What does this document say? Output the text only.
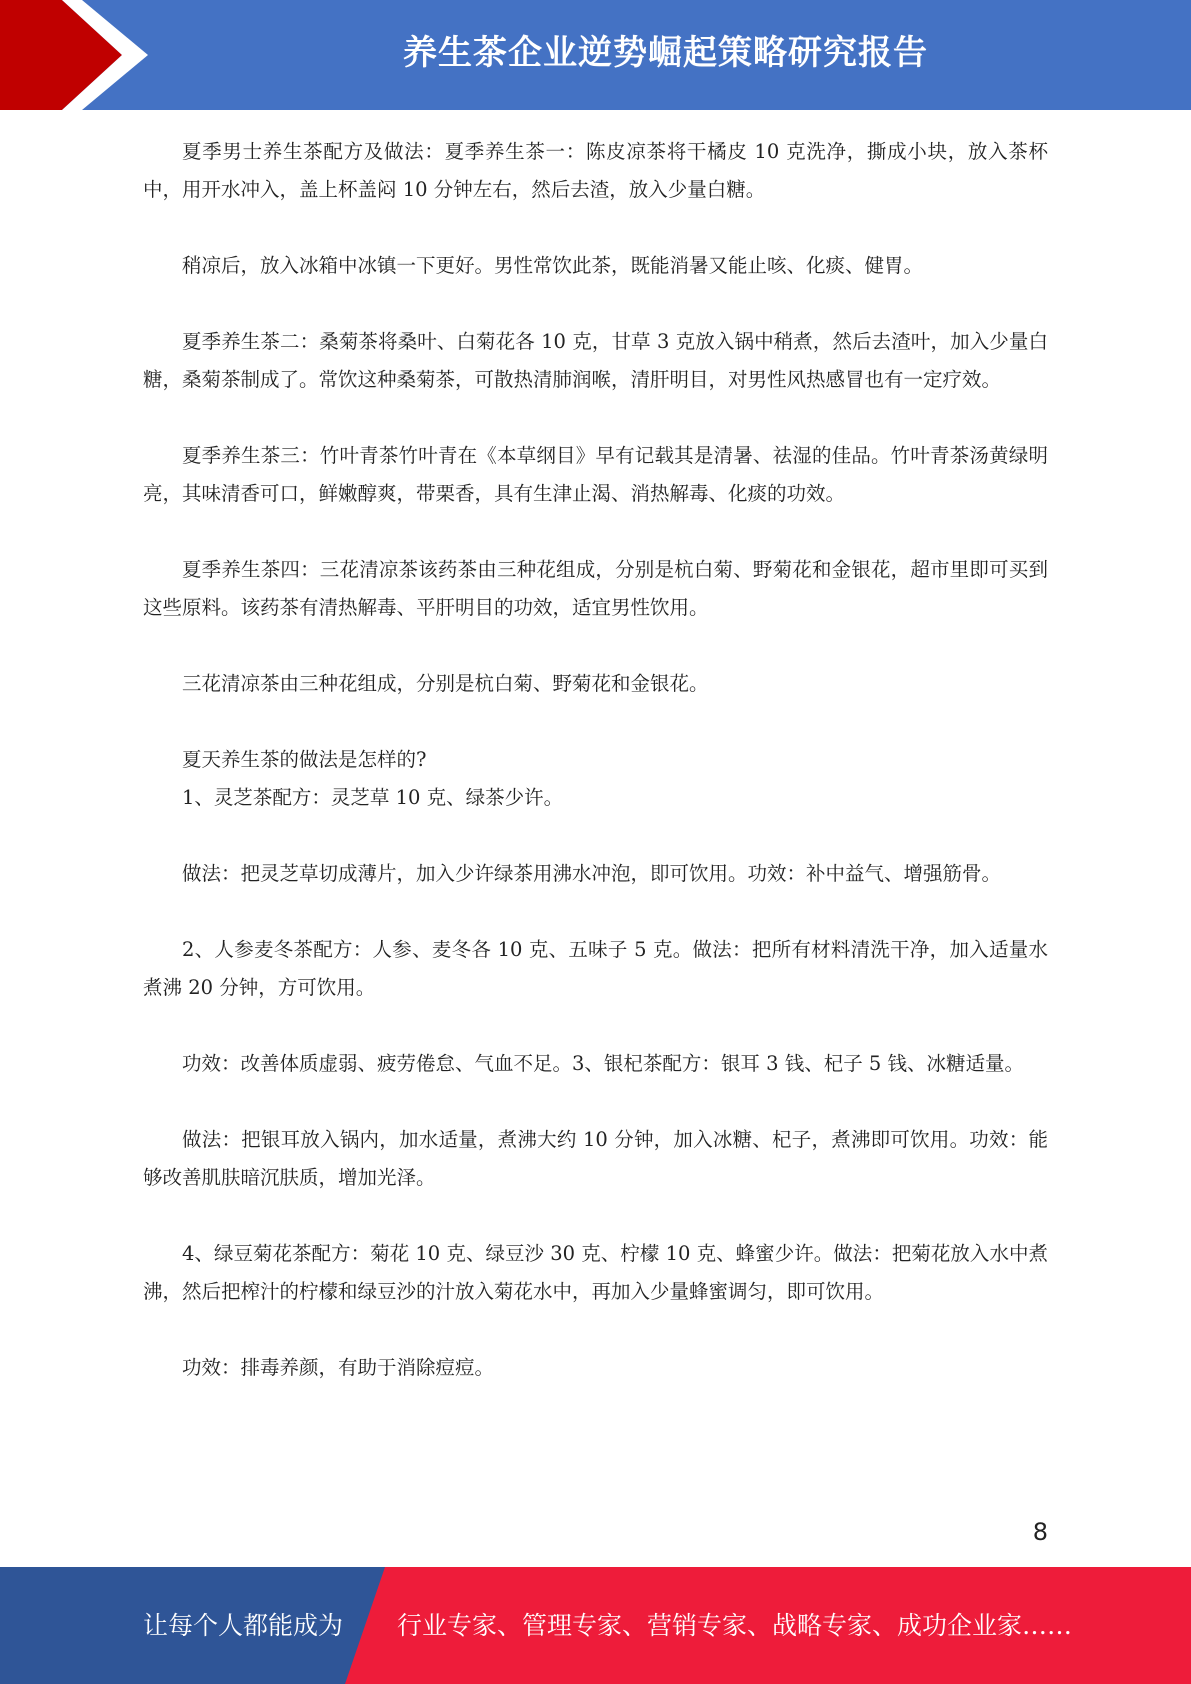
养生茶企业逆势崛起策略研究报告

夏季男士养生茶配方及做法：夏季养生茶一：陈皮凉茶将干橘皮 10 克洗净，撕成小块，放入茶杯中，用开水冲入，盖上杯盖闷 10 分钟左右，然后去渣，放入少量白糖。

稍凉后，放入冰箱中冰镇一下更好。男性常饮此茶，既能消暑又能止咳、化痰、健胃。

夏季养生茶二：桑菊茶将桑叶、白菊花各 10 克，甘草 3 克放入锅中稍煮，然后去渣叶，加入少量白糖，桑菊茶制成了。常饮这种桑菊茶，可散热清肺润喉，清肝明目，对男性风热感冒也有一定疗效。

夏季养生茶三：竹叶青茶竹叶青在《本草纲目》早有记载其是清暑、祛湿的佳品。竹叶青茶汤黄绿明亮，其味清香可口，鲜嫩醇爽，带栗香，具有生津止渴、消热解毒、化痰的功效。

夏季养生茶四：三花清凉茶该药茶由三种花组成，分别是杭白菊、野菊花和金银花，超市里即可买到这些原料。该药茶有清热解毒、平肝明目的功效，适宜男性饮用。

三花清凉茶由三种花组成，分别是杭白菊、野菊花和金银花。

夏天养生茶的做法是怎样的?

1、灵芝茶配方：灵芝草 10 克、绿茶少许。

做法：把灵芝草切成薄片，加入少许绿茶用沸水冲泡，即可饮用。功效：补中益气、增强筋骨。

2、人参麦冬茶配方：人参、麦冬各 10 克、五味子 5 克。做法：把所有材料清洗干净，加入适量水煮沸 20 分钟，方可饮用。

功效：改善体质虚弱、疲劳倦怠、气血不足。3、银杞茶配方：银耳 3 钱、杞子 5 钱、冰糖适量。

做法：把银耳放入锅内，加水适量，煮沸大约 10 分钟，加入冰糖、杞子，煮沸即可饮用。功效：能够改善肌肤暗沉肤质，增加光泽。

4、绿豆菊花茶配方：菊花 10 克、绿豆沙 30 克、柠檬 10 克、蜂蜜少许。做法：把菊花放入水中煮沸，然后把榨汁的柠檬和绿豆沙的汁放入菊花水中，再加入少量蜂蜜调匀，即可饮用。

功效：排毒养颜，有助于消除痘痘。

8
让每个人都能成为 行业专家、管理专家、营销专家、战略专家、成功企业家……
